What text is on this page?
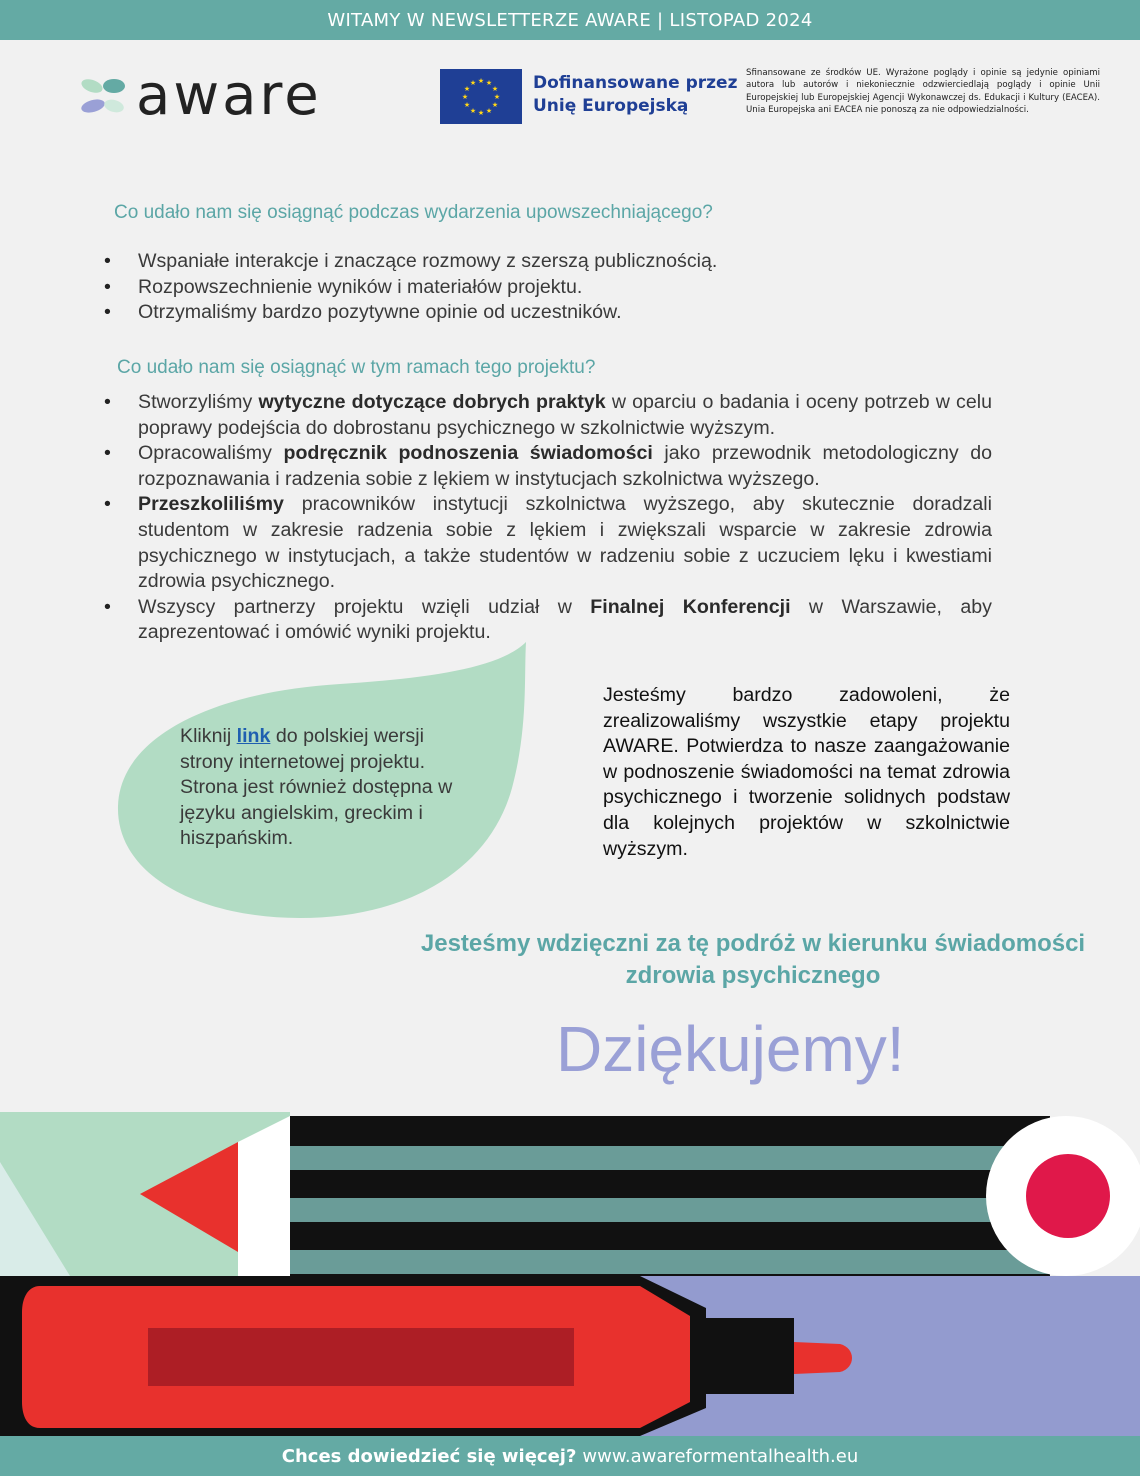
WITAMY W NEWSLETTERZE AWARE | LISTOPAD 2024
aware	★ ★
★
★
★
★
★
★
★
★
★
★	Dofinansowane przez
Unię Europejską
Sfinansowane ze środków UE. Wyrażone poglądy i opinie są jedynie opiniami autora lub autorów i niekoniecznie odzwierciedlają poglądy i opinie Unii Europejskiej lub Europejskiej Agencji Wykonawczej ds. Edukacji i Kultury (EACEA). Unia Europejska ani EACEA nie ponoszą za nie odpowiedzialności.
Co udało nam się osiągnąć podczas wydarzenia upowszechniającego?
• Wspaniałe interakcje i znaczące rozmowy z szerszą publicznością.
• Rozpowszechnienie wyników i materiałów projektu.
• Otrzymaliśmy bardzo pozytywne opinie od uczestników.
Co udało nam się osiągnąć w tym ramach tego projektu?
• Stworzyliśmy wytyczne dotyczące dobrych praktyk w oparciu o badania i oceny potrzeb w celu poprawy podejścia do dobrostanu psychicznego w szkolnictwie wyższym.
• Opracowaliśmy podręcznik podnoszenia świadomości jako przewodnik metodologiczny do rozpoznawania i radzenia sobie z lękiem w instytucjach szkolnictwa wyższego.
• Przeszkoliliśmy pracowników instytucji szkolnictwa wyższego, aby skutecznie doradzali studentom w zakresie radzenia sobie z lękiem i zwiększali wsparcie w zakresie zdrowia psychicznego w instytucjach, a także studentów w radzeniu sobie z uczuciem lęku i kwestiami zdrowia psychicznego.
• Wszyscy partnerzy projektu wzięli udział w Finalnej Konferencji w Warszawie, aby zaprezentować i omówić wyniki projektu.
Kliknij link do polskiej wersji strony internetowej projektu. Strona jest również dostępna w języku angielskim, greckim i hiszpańskim.
Jesteśmy bardzo zadowoleni, że zrealizowaliśmy wszystkie etapy projektu AWARE. Potwierdza to nasze zaangażowanie w podnoszenie świadomości na temat zdrowia psychicznego i tworzenie solidnych podstaw dla kolejnych projektów w szkolnictwie wyższym.
Jesteśmy wdzięczni za tę podróż w kierunku świadomości zdrowia psychicznego
Dziękujemy!
Chces dowiedzieć się więcej? www.awareformentalhealth.eu
